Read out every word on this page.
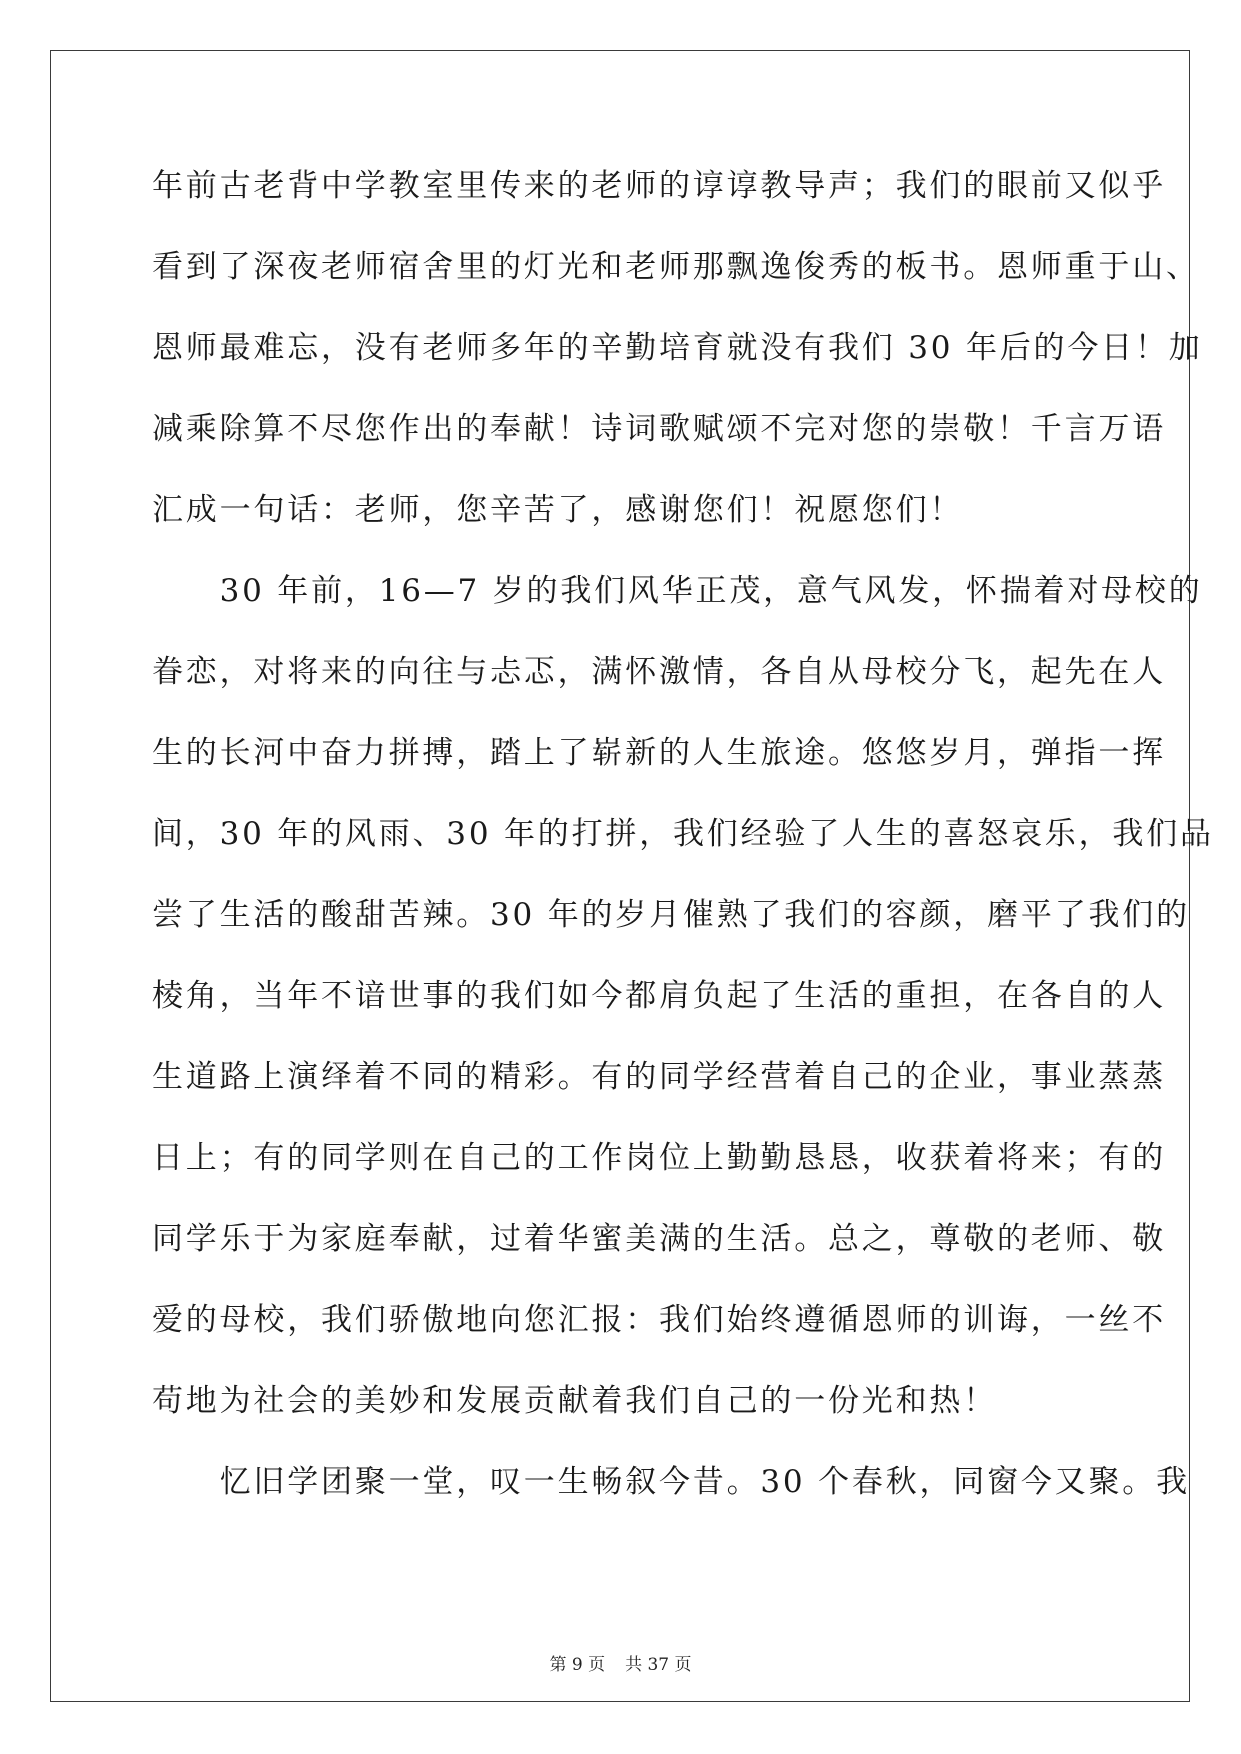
年前古老背中学教室里传来的老师的谆谆教导声；我们的眼前又似乎
看到了深夜老师宿舍里的灯光和老师那飘逸俊秀的板书。恩师重于山、
恩师最难忘，没有老师多年的辛勤培育就没有我们 30 年后的今日！加
减乘除算不尽您作出的奉献！诗词歌赋颂不完对您的崇敬！千言万语
汇成一句话：老师，您辛苦了，感谢您们！祝愿您们！
　　30 年前，16—7 岁的我们风华正茂，意气风发，怀揣着对母校的
眷恋，对将来的向往与忐忑，满怀激情，各自从母校分飞，起先在人
生的长河中奋力拼搏，踏上了崭新的人生旅途。悠悠岁月，弹指一挥
间，30 年的风雨、30 年的打拼，我们经验了人生的喜怒哀乐，我们品
尝了生活的酸甜苦辣。30 年的岁月催熟了我们的容颜，磨平了我们的
棱角，当年不谙世事的我们如今都肩负起了生活的重担，在各自的人
生道路上演绎着不同的精彩。有的同学经营着自己的企业，事业蒸蒸
日上；有的同学则在自己的工作岗位上勤勤恳恳，收获着将来；有的
同学乐于为家庭奉献，过着华蜜美满的生活。总之，尊敬的老师、敬
爱的母校，我们骄傲地向您汇报：我们始终遵循恩师的训诲，一丝不
苟地为社会的美妙和发展贡献着我们自己的一份光和热！
　　忆旧学团聚一堂，叹一生畅叙今昔。30 个春秋，同窗今又聚。我
第 9 页 共 37 页
